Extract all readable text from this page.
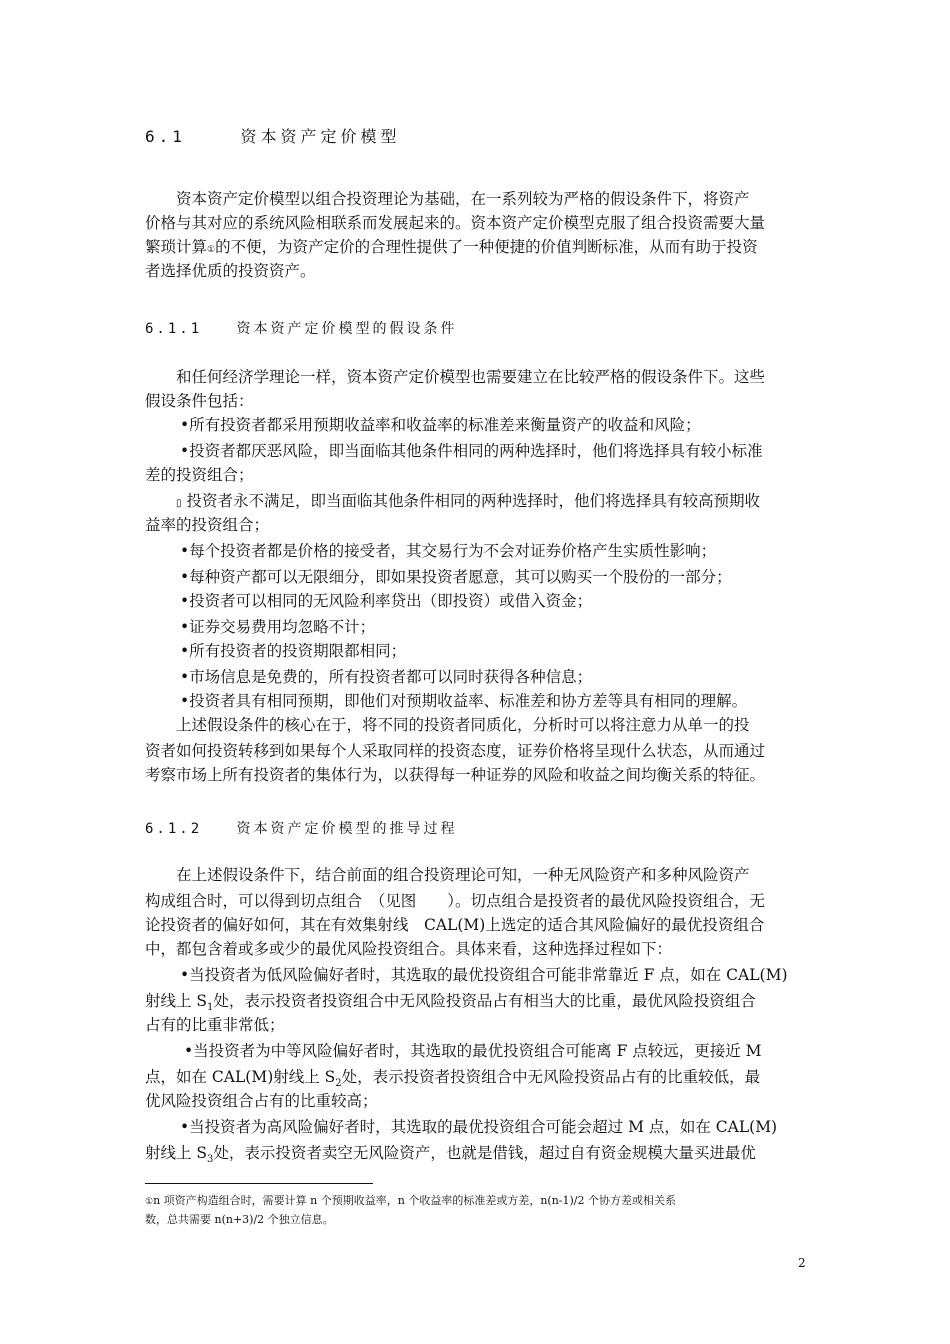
6.1	资本资产定价模型

资本资产定价模型以组合投资理论为基础，在一系列较为严格的假设条件下，将资产

价格与其对应的系统风险相联系而发展起来的。资本资产定价模型克服了组合投资需要大量

繁琐计算①的不便，为资产定价的合理性提供了一种便捷的价值判断标准，从而有助于投资

者选择优质的投资资产。

6.1.1 资本资产定价模型的假设条件

和任何经济学理论一样，资本资产定价模型也需要建立在比较严格的假设条件下。这些

假设条件包括：

•所有投资者都采用预期收益率和收益率的标准差来衡量资产的收益和风险；

•投资者都厌恶风险，即当面临其他条件相同的两种选择时，他们将选择具有较小标准

差的投资组合；

▯ 投资者永不满足，即当面临其他条件相同的两种选择时，他们将选择具有较高预期收

益率的投资组合；

•每个投资者都是价格的接受者，其交易行为不会对证券价格产生实质性影响；

•每种资产都可以无限细分，即如果投资者愿意，其可以购买一个股份的一部分；

•投资者可以相同的无风险利率贷出（即投资）或借入资金；

•证券交易费用均忽略不计；

•所有投资者的投资期限都相同；

•市场信息是免费的，所有投资者都可以同时获得各种信息；

•投资者具有相同预期，即他们对预期收益率、标准差和协方差等具有相同的理解。

上述假设条件的核心在于，将不同的投资者同质化，分析时可以将注意力从单一的投

资者如何投资转移到如果每个人采取同样的投资态度，证券价格将呈现什么状态，从而通过

考察市场上所有投资者的集体行为，以获得每一种证券的风险和收益之间均衡关系的特征。

6.1.2 资本资产定价模型的推导过程

在上述假设条件下，结合前面的组合投资理论可知，一种无风险资产和多种风险资产

构成组合时，可以得到切点组合　（见图　　）。切点组合是投资者的最优风险投资组合，无

论投资者的偏好如何，其在有效集射线　CAL(M)上选定的适合其风险偏好的最优投资组合

中，都包含着或多或少的最优风险投资组合。具体来看，这种选择过程如下：

•当投资者为低风险偏好者时，其选取的最优投资组合可能非常靠近 F 点，如在 CAL(M)

射线上 $S_1$处，表示投资者投资组合中无风险投资品占有相当大的比重，最优风险投资组合

占有的比重非常低；

•当投资者为中等风险偏好者时，其选取的最优投资组合可能离 F 点较远，更接近 M

点，如在 CAL(M)射线上 $S_2$处，表示投资者投资组合中无风险投资品占有的比重较低，最

优风险投资组合占有的比重较高；

•当投资者为高风险偏好者时，其选取的最优投资组合可能会超过 M 点，如在 CAL(M)

射线上 $S_3$处，表示投资者卖空无风险资产，也就是借钱，超过自有资金规模大量买进最优

①n 项资产构造组合时，需要计算 n 个预期收益率，n 个收益率的标准差或方差，n(n-1)/2 个协方差或相关系
数，总共需要 n(n+3)/2 个独立信息。

2
